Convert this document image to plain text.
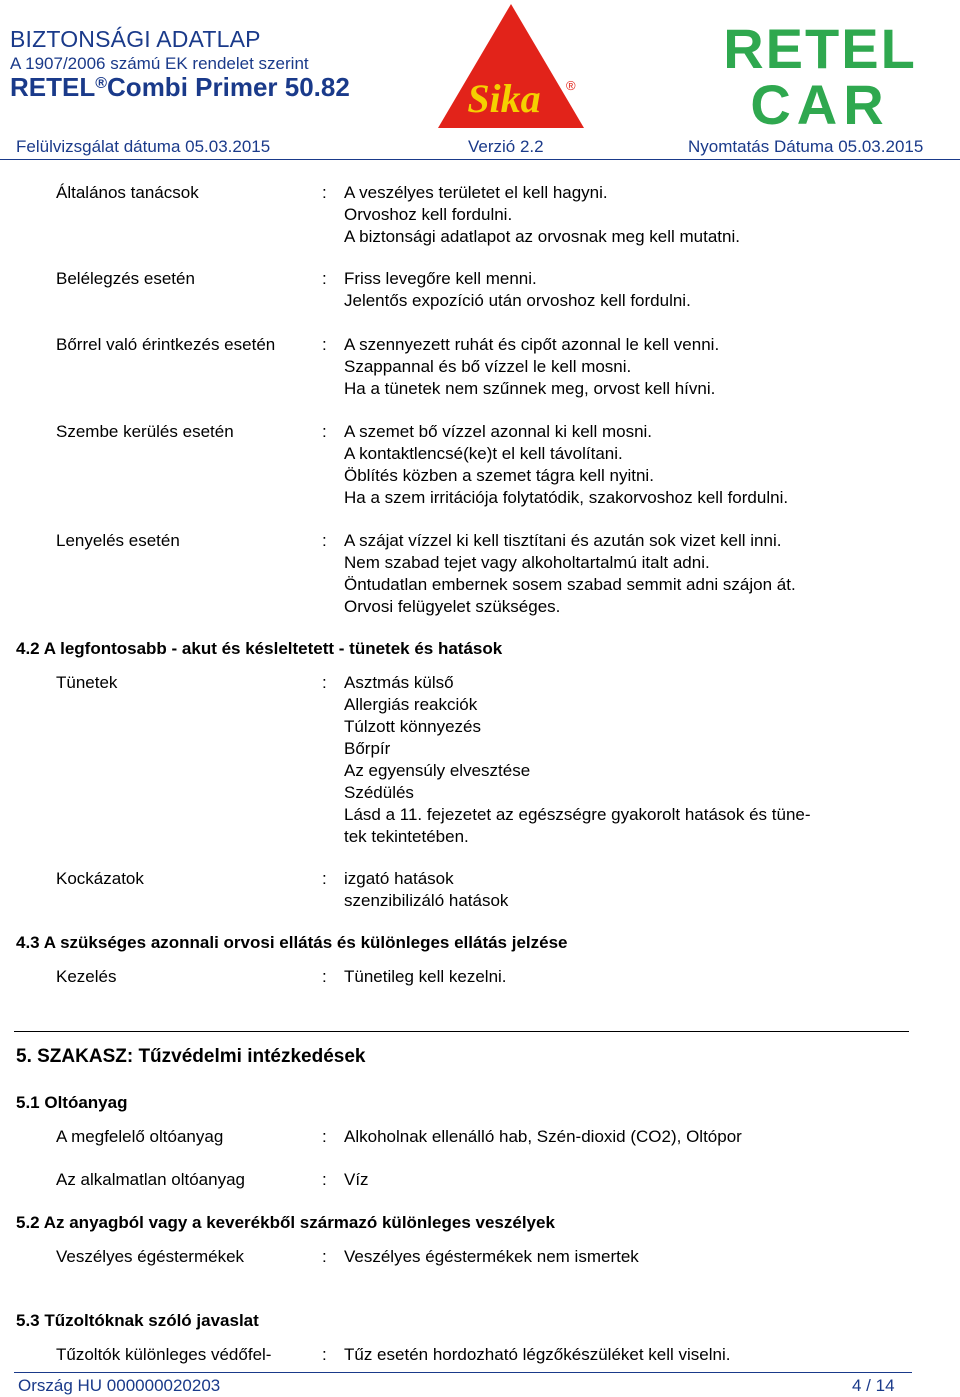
BIZTONSÁGI ADATLAP
A 1907/2006 számú EK rendelet szerint
RETEL®Combi Primer 50.82	Sika ®
RETEL
CAR
Felülvizsgálat dátuma 05.03.2015	Verzió 2.2	Nyomtatás Dátuma 05.03.2015
Általános tanácsok	: A veszélyes területet el kell hagyni.
Orvoshoz kell fordulni.
A biztonsági adatlapot az orvosnak meg kell mutatni.
Belélegzés esetén	: Friss levegőre kell menni.
Jelentős expozíció után orvoshoz kell fordulni.
Bőrrel való érintkezés esetén	: A szennyezett ruhát és cipőt azonnal le kell venni.
Szappannal és bő vízzel le kell mosni.
Ha a tünetek nem szűnnek meg, orvost kell hívni.
Szembe kerülés esetén	: A szemet bő vízzel azonnal ki kell mosni.
A kontaktlencsé(ke)t el kell távolítani.
Öblítés közben a szemet tágra kell nyitni.
Ha a szem irritációja folytatódik, szakorvoshoz kell fordulni.
Lenyelés esetén	: A szájat vízzel ki kell tisztítani és azután sok vizet kell inni.
Nem szabad tejet vagy alkoholtartalmú italt adni.
Öntudatlan embernek sosem szabad semmit adni szájon át.
Orvosi felügyelet szükséges.
4.2 A legfontosabb - akut és késleltetett - tünetek és hatások
Tünetek	: Asztmás külső
Allergiás reakciók
Túlzott könnyezés
Bőrpír
Az egyensúly elvesztése
Szédülés
Lásd a 11. fejezetet az egészségre gyakorolt hatások és tüne-
tek tekintetében.
Kockázatok	: izgató hatások
szenzibilizáló hatások
4.3 A szükséges azonnali orvosi ellátás és különleges ellátás jelzése
Kezelés	: Tünetileg kell kezelni.
5. SZAKASZ: Tűzvédelmi intézkedések
5.1 Oltóanyag
A megfelelő oltóanyag	: Alkoholnak ellenálló hab, Szén-dioxid (CO2), Oltópor
Az alkalmatlan oltóanyag	: Víz
5.2 Az anyagból vagy a keverékből származó különleges veszélyek
Veszélyes égéstermékek	: Veszélyes égéstermékek nem ismertek
5.3 Tűzoltóknak szóló javaslat
Tűzoltók különleges védőfel-	: Tűz esetén hordozható légzőkészüléket kell viselni.
Ország HU 000000020203	4 / 14
